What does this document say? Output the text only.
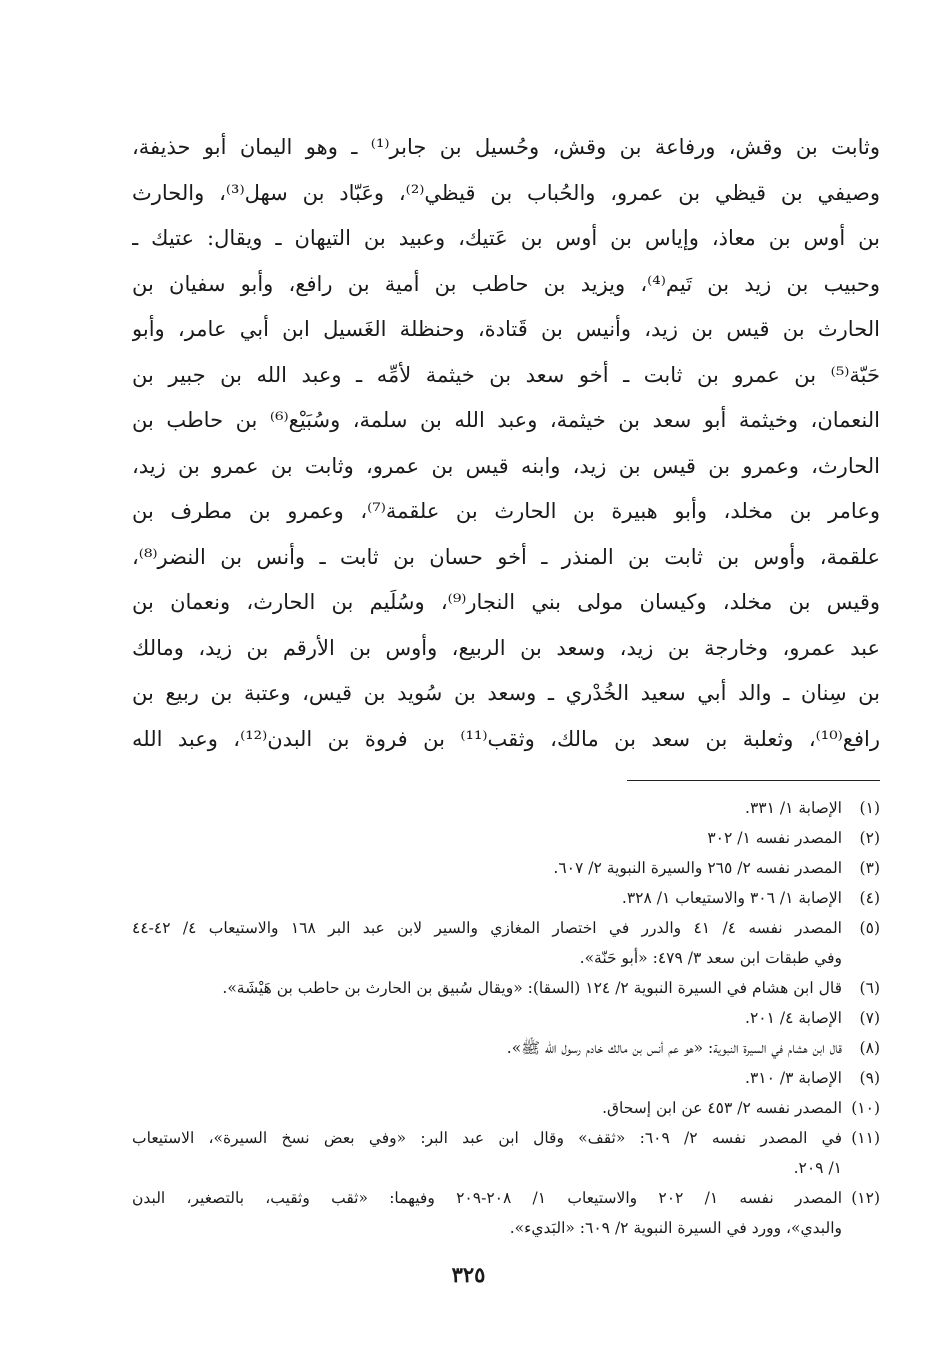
وثابت بن وقش، ورفاعة بن وقش، وحُسيل بن جابر⁽¹⁾ ـ وهو اليمان أبو حذيفة،
وصيفي بن قيظي بن عمرو، والحُباب بن قيظي⁽²⁾، وعَبّاد بن سهل⁽³⁾، والحارث
بن أوس بن معاذ، وإياس بن أوس بن عَتيك، وعبيد بن التيهان ـ ويقال: عتيك ـ
وحبيب بن زيد بن تَيم⁽⁴⁾، ويزيد بن حاطب بن أمية بن رافع، وأبو سفيان بن
الحارث بن قيس بن زيد، وأنيس بن قَتادة، وحنظلة الغَسيل ابن أبي عامر، وأبو
حَبّة⁽⁵⁾ بن عمرو بن ثابت ـ أخو سعد بن خيثمة لأمِّه ـ وعبد الله بن جبير بن
النعمان، وخيثمة أبو سعد بن خيثمة، وعبد الله بن سلمة، وسُبَيْع⁽⁶⁾ بن حاطب بن
الحارث، وعمرو بن قيس بن زيد، وابنه قيس بن عمرو، وثابت بن عمرو بن زيد،
وعامر بن مخلد، وأبو هبيرة بن الحارث بن علقمة⁽⁷⁾، وعمرو بن مطرف بن
علقمة، وأوس بن ثابت بن المنذر ـ أخو حسان بن ثابت ـ وأنس بن النضر⁽⁸⁾،
وقيس بن مخلد، وكيسان مولى بني النجار⁽⁹⁾، وسُلَيم بن الحارث، ونعمان بن
عبد عمرو، وخارجة بن زيد، وسعد بن الربيع، وأوس بن الأرقم بن زيد، ومالك
بن سِنان ـ والد أبي سعيد الخُدْري ـ وسعد بن سُويد بن قيس، وعتبة بن ربيع بن
رافع⁽¹⁰⁾، وثعلبة بن سعد بن مالك، وثقب⁽¹¹⁾ بن فروة بن البدن⁽¹²⁾، وعبد الله
(١)
الإصابة ١/ ٣٣١.
(٢)
المصدر نفسه ١/ ٣٠٢
(٣)
المصدر نفسه ٢/ ٢٦٥ والسيرة النبوية ٢/ ٦٠٧.
(٤)
الإصابة ١/ ٣٠٦ والاستيعاب ١/ ٣٢٨.
(٥)
المصدر نفسه ٤/ ٤١ والدرر في اختصار المغازي والسير لابن عبد البر ١٦٨ والاستيعاب ٤/ ٤٢-٤٤
وفي طبقات ابن سعد ٣/ ٤٧٩: «أبو حَنّة».
(٦)
قال ابن هشام في السيرة النبوية ٢/ ١٢٤ (السقا): «ويقال سُبيق بن الحارث بن حاطب بن هَيْشَة».
(٧)
الإصابة ٤/ ٢٠١.
(٨)
قال ابن هشام في السيرة النبوية: «هو عم أنس بن مالك خادم رسول الله ﷺ».
(٩)
الإصابة ٣/ ٣١٠.
(١٠)
المصدر نفسه ٢/ ٤٥٣ عن ابن إسحاق.
(١١)
في المصدر نفسه ٢/ ٦٠٩: «ثقف» وقال ابن عبد البر: «وفي بعض نسخ السيرة»، الاستيعاب
١/ ٢٠٩.
(١٢)
المصدر نفسه ١/ ٢٠٢ والاستيعاب ١/ ٢٠٨-٢٠٩ وفيهما: «ثقب وثقيب، بالتصغير، البدن
والبدي»، وورد في السيرة النبوية ٢/ ٦٠٩: «البَديء».
٣٢٥
